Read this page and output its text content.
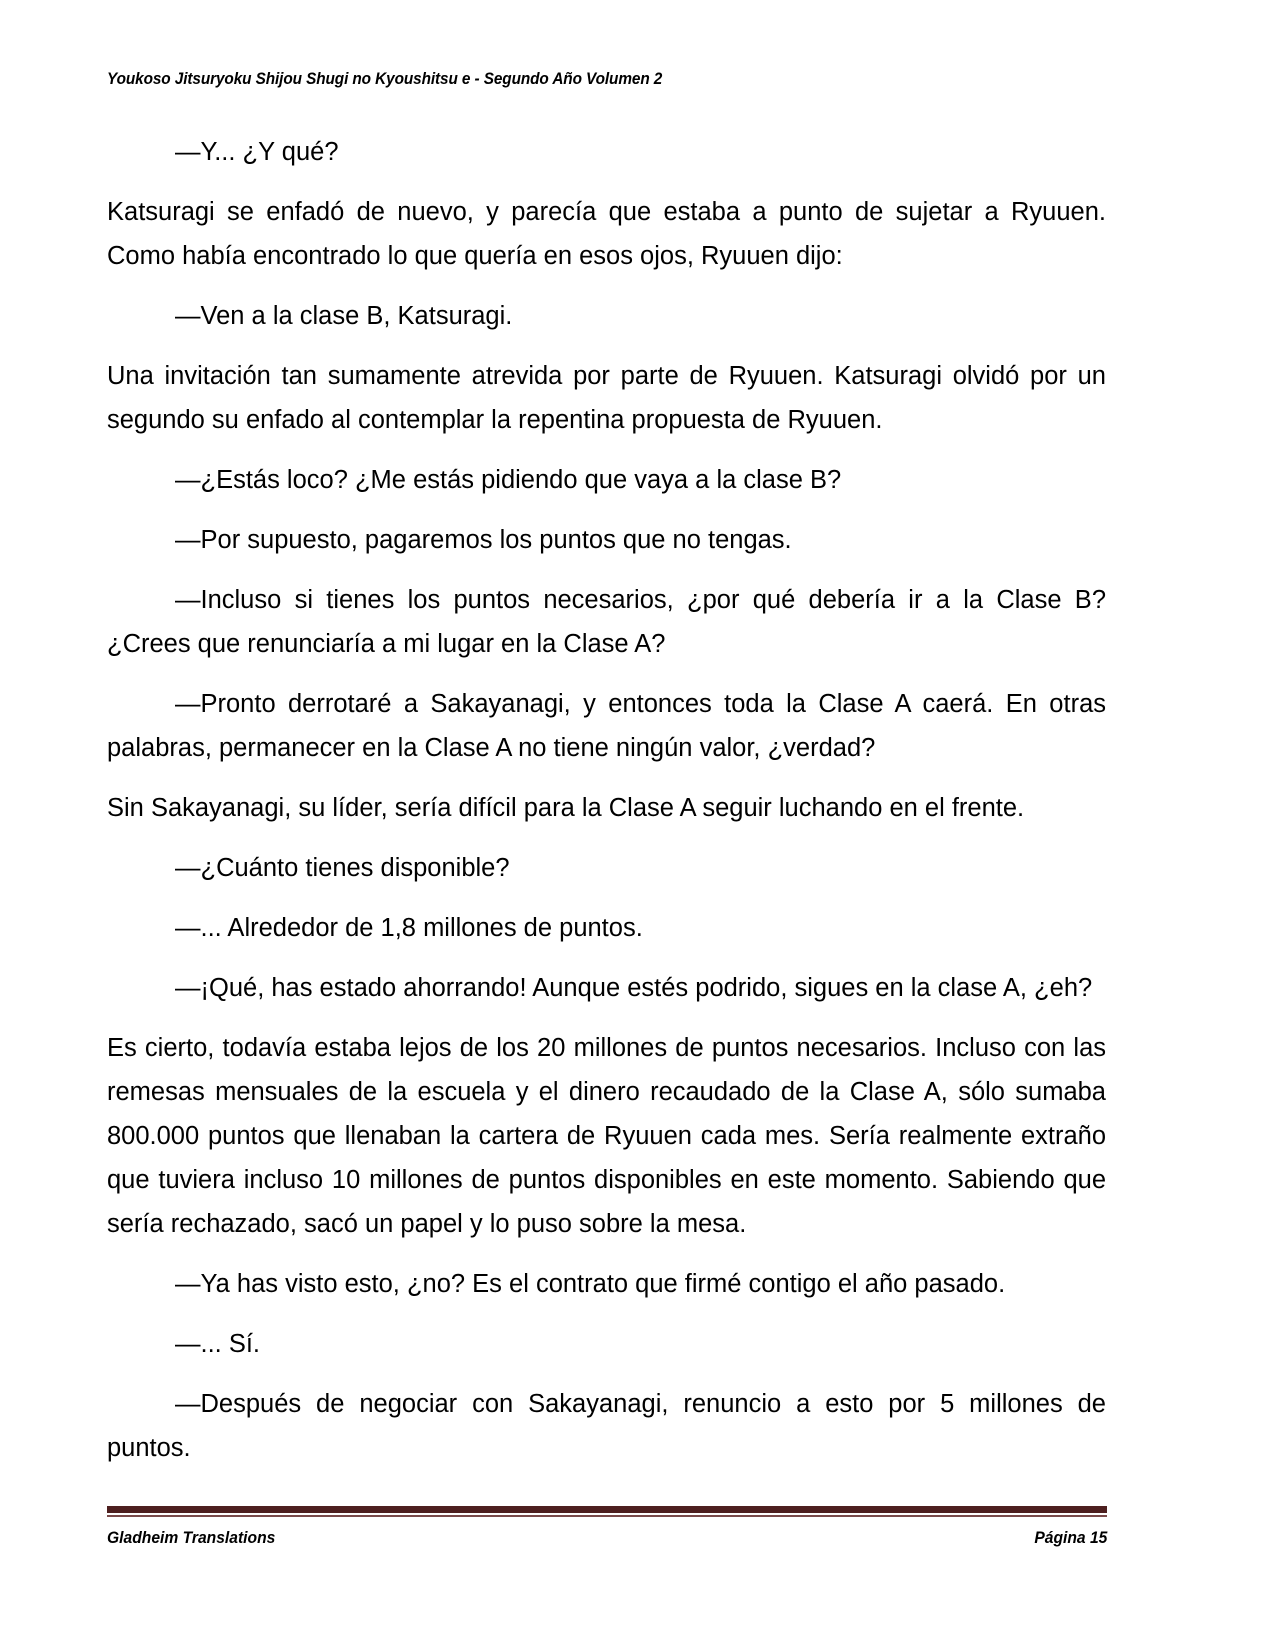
Youkoso Jitsuryoku Shijou Shugi no Kyoushitsu e - Segundo Año Volumen 2

—Y... ¿Y qué?

Katsuragi se enfadó de nuevo, y parecía que estaba a punto de sujetar a Ryuuen. Como había encontrado lo que quería en esos ojos, Ryuuen dijo:

—Ven a la clase B, Katsuragi.

Una invitación tan sumamente atrevida por parte de Ryuuen. Katsuragi olvidó por un segundo su enfado al contemplar la repentina propuesta de Ryuuen.

—¿Estás loco? ¿Me estás pidiendo que vaya a la clase B?

—Por supuesto, pagaremos los puntos que no tengas.

—Incluso si tienes los puntos necesarios, ¿por qué debería ir a la Clase B? ¿Crees que renunciaría a mi lugar en la Clase A?

—Pronto derrotaré a Sakayanagi, y entonces toda la Clase A caerá. En otras palabras, permanecer en la Clase A no tiene ningún valor, ¿verdad?

Sin Sakayanagi, su líder, sería difícil para la Clase A seguir luchando en el frente.

—¿Cuánto tienes disponible?

—... Alrededor de 1,8 millones de puntos.

—¡Qué, has estado ahorrando! Aunque estés podrido, sigues en la clase A, ¿eh?

Es cierto, todavía estaba lejos de los 20 millones de puntos necesarios. Incluso con las remesas mensuales de la escuela y el dinero recaudado de la Clase A, sólo sumaba 800.000 puntos que llenaban la cartera de Ryuuen cada mes. Sería realmente extraño que tuviera incluso 10 millones de puntos disponibles en este momento. Sabiendo que sería rechazado, sacó un papel y lo puso sobre la mesa.

—Ya has visto esto, ¿no? Es el contrato que firmé contigo el año pasado.

—... Sí.

—Después de negociar con Sakayanagi, renuncio a esto por 5 millones de puntos.

Gladheim Translations	Página 15
